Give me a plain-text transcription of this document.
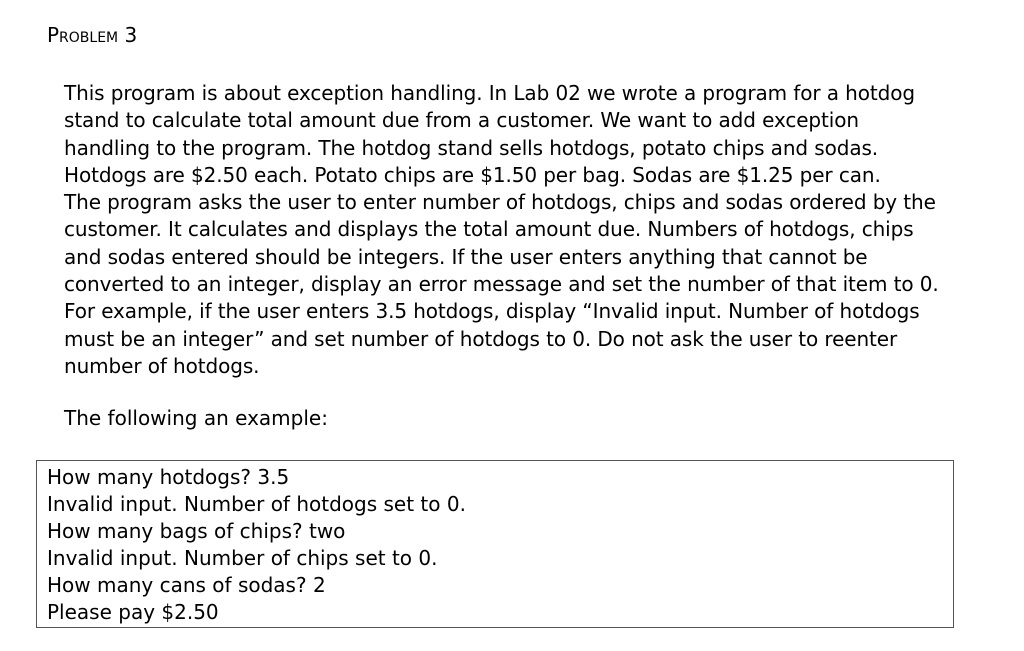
Problem 3
This program is about exception handling. In Lab 02 we wrote a program for a hotdog
stand to calculate total amount due from a customer. We want to add exception
handling to the program. The hotdog stand sells hotdogs, potato chips and sodas.
Hotdogs are $2.50 each. Potato chips are $1.50 per bag. Sodas are $1.25 per can.
The program asks the user to enter number of hotdogs, chips and sodas ordered by the
customer. It calculates and displays the total amount due. Numbers of hotdogs, chips
and sodas entered should be integers. If the user enters anything that cannot be
converted to an integer, display an error message and set the number of that item to 0.
For example, if the user enters 3.5 hotdogs, display “Invalid input. Number of hotdogs
must be an integer” and set number of hotdogs to 0. Do not ask the user to reenter
number of hotdogs.
The following an example:
How many hotdogs? 3.5
Invalid input. Number of hotdogs set to 0.
How many bags of chips? two
Invalid input. Number of chips set to 0.
How many cans of sodas? 2
Please pay $2.50
